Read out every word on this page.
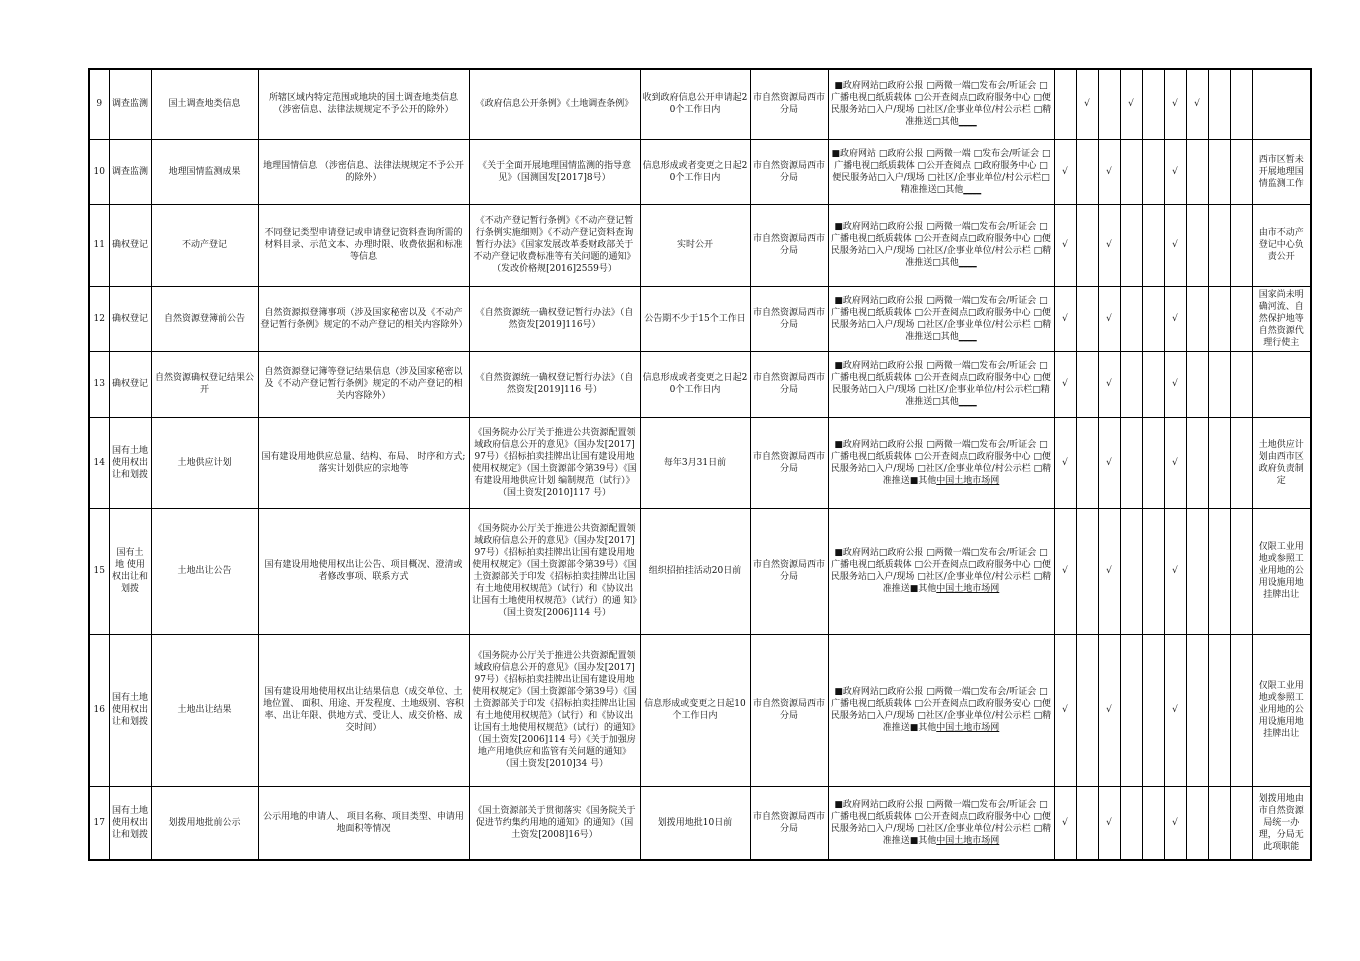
9	调查监测	国土调查地类信息	所辖区域内特定范围或地块的国土调查地类信息（涉密信息、法律法规规定不予公开的除外）	《政府信息公开条例》《土地调查条例》	收到政府信息公开申请起20个工作日内	市自然资源局西市分局	■政府网站□政府公报 □两微一端□发布会/听证会 □广播电视□纸质载体 □公开查阅点□政府服务中心 □便民服务站□入户/现场 □社区/企事业单位/村公示栏 □精准推送□其他____		√		√		√	√			
10	调查监测	地理国情监测成果	地理国情信息 （涉密信息、法律法规规定不予公开的除外）	《关于全面开展地理国情监测的指导意见》（国测国发[2017]8号）	信息形成或者变更之日起20个工作日内	市自然资源局西市分局	■政府网站 □政府公报 □两微一端 □发布会/听证会 □广播电视□纸质载体 □公开查阅点 □政府服务中心 □便民服务站□入户/现场 □社区/企事业单位/村公示栏□精准推送□其他____	√		√			√				西市区暂未开展地理国情监测工作
11	确权登记	不动产登记	不同登记类型申请登记或申请登记资料查询所需的材料目录、示范文本、办理时限、收费依据和标准等信息	《不动产登记暂行条例》《不动产登记暂行条例实施细则》《不动产登记资料查询暂行办法》《国家发展改革委财政部关于不动产登记收费标准等有关问题的通知》（发改价格规[2016]2559号）	实时公开	市自然资源局西市分局	■政府网站□政府公报 □两微一端□发布会/听证会 □广播电视□纸质载体 □公开查阅点□政府服务中心 □便民服务站□入户/现场 □社区/企事业单位/村公示栏 □精准推送□其他____	√		√			√				由市不动产登记中心负责公开
12	确权登记	自然资源登簿前公告	自然资源拟登簿事项（涉及国家秘密以及《不动产登记暂行条例》规定的不动产登记的相关内容除外）	《自然资源统一确权登记暂行办法》（自然资发[2019]116号）	公告期不少于15个工作日	市自然资源局西市分局	■政府网站□政府公报 □两微一端□发布会/听证会 □广播电视□纸质载体 □公开查阅点□政府服务中心 □便民服务站□入户/现场 □社区/企事业单位/村公示栏 □精准推送□其他____	√		√			√				国家尚未明确河流、自然保护地等自然资源代理行使主
13	确权登记	自然资源确权登记结果公开	自然资源登记簿等登记结果信息（涉及国家秘密以及《不动产登记暂行条例》规定的不动产登记的相关内容除外）	《自然资源统一确权登记暂行办法》（自然资发[2019]116 号）	信息形成或者变更之日起20个工作日内	市自然资源局西市分局	■政府网站□政府公报 □两微一端□发布会/听证会 □广播电视□纸质载体 □公开查阅点□政府服务中心 □便民服务站□入户/现场 □社区/企事业单位/村公示栏□精准推送□其他____	√		√			√				
14	国有土地 使用权出让和划拨	土地供应计划	国有建设用地供应总量、结构、布局、 时序和方式;落实计划供应的宗地等	《国务院办公厅关于推进公共资源配置领域政府信息公开的意见》（国办发[2017]97号）《招标拍卖挂牌出让国有建设用地使用权规定》（国土资源部令第39号）《国有建设用地供应计划 编制规范（试行）》 （国土资发[2010]117 号）	每年3月31日前	市自然资源局西市分局	■政府网站□政府公报 □两微一端□发布会/听证会 □广播电视□纸质载体 □公开查阅点□政府服务中心 □便民服务站□入户/现场 □社区/企事业单位/村公示栏 □精准推送■其他中国土地市场网	√		√			√				土地供应计划由西市区政府负责制定
15	国有土 地 使用权出让和划拨	土地出让公告	国有建设用地使用权出让公告、项目概况、澄清或者修改事项、联系方式	《国务院办公厅关于推进公共资源配置领域政府信息公开的意见》（国办发[2017]97号）《招标拍卖挂牌出让国有建设用地使用权规定》（国土资源部令第39号）《国土资源部关于印发《招标拍卖挂牌出让国有土地使用权规范》（试行）和《协议出让国有土地使用权规范》（试行）的通 知》（国土资发[2006]114 号）	组织招拍挂活动20日前	市自然资源局西市分局	■政府网站□政府公报 □两微一端□发布会/听证会 □广播电视□纸质载体 □公开查阅点□政府服务中心 □便民服务站□入户/现场 □社区/企事业单位/村公示栏 □精准推送■其他中国土地市场网	√		√			√				仅限工业用地或参照工业用地的公用设施用地挂牌出让
16	国有土地 使用权出 让和划拨	土地出让结果	国有建设用地使用权出让结果信息（成交单位、土地位置、 面积、用途、开发程度、土地级别、容积率、出让年限、供地方式、受让人、成交价格、成交时间）	《国务院办公厅关于推进公共资源配置领域政府信息公开的意见》（国办发[2017]97号）《招标拍卖挂牌出让国有建设用地使用权规定》（国土资源部令第39号）《国土资源部关于印发《招标拍卖挂牌出让国有土地使用权规范》（试行）和《协议出让国有土地使用权规范》（试行）的通知》（国土资发[2006]114 号）《关于加强房地产用地供应和监管有关问题的通知》（国土资发[2010]34 号）	信息形成或变更之日起10个工作日内	市自然资源局西市分局	■政府网站□政府公报 □两微一端□发布会/听证会 □广播电视□纸质载体 □公开查阅点□政府服务安心 □便民服务站□入户/现场 □社区/企事业单位/村公示栏 □精准推送■其他中国土地市场网	√		√			√				仅限工业用地或参照工业用地的公用设施用地挂牌出让
17	国有土地 使用权出让和划拨	划拨用地批前公示	公示用地的申请人、 项目名称、项目类型、申请用地面积等情况	《国土资源部关于贯彻落实《国务院关于促进节约集约用地的通知》的通知》（国土资发[2008]16号）	划拨用地批10日前	市自然资源局西市分局	■政府网站□政府公报 □两微一端□发布会/听证会 □广播电视□纸质载体 □公开查阅点□政府服务中心 □便民服务站□入户/现场 □社区/企事业单位/村公示栏 □精准推送■其他中国土地市场网	√		√			√				划拨用地由市自然资源局统一办理，分局无此项职能
